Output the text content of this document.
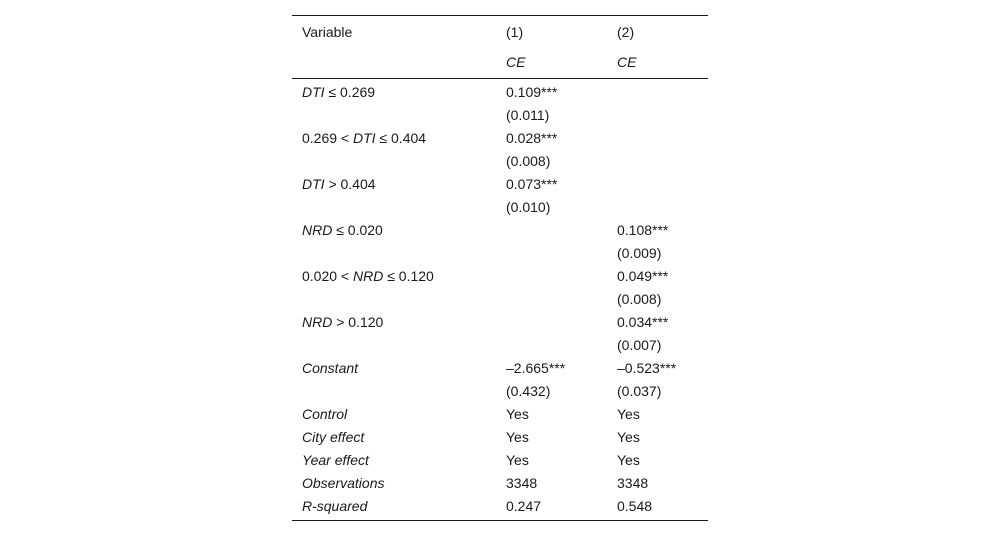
Variable	(1)	(2)
	CE	CE
DTI ≤ 0.269	0.109***	
	(0.011)	
0.269 < DTI ≤ 0.404	0.028***	
	(0.008)	
DTI > 0.404	0.073***	
	(0.010)	
NRD ≤ 0.020		0.108***
		(0.009)
0.020 < NRD ≤ 0.120		0.049***
		(0.008)
NRD > 0.120		0.034***
		(0.007)
Constant	‒2.665***	‒0.523***
	(0.432)	(0.037)
Control	Yes	Yes
City effect	Yes	Yes
Year effect	Yes	Yes
Observations	3348	3348
R-squared	0.247	0.548
